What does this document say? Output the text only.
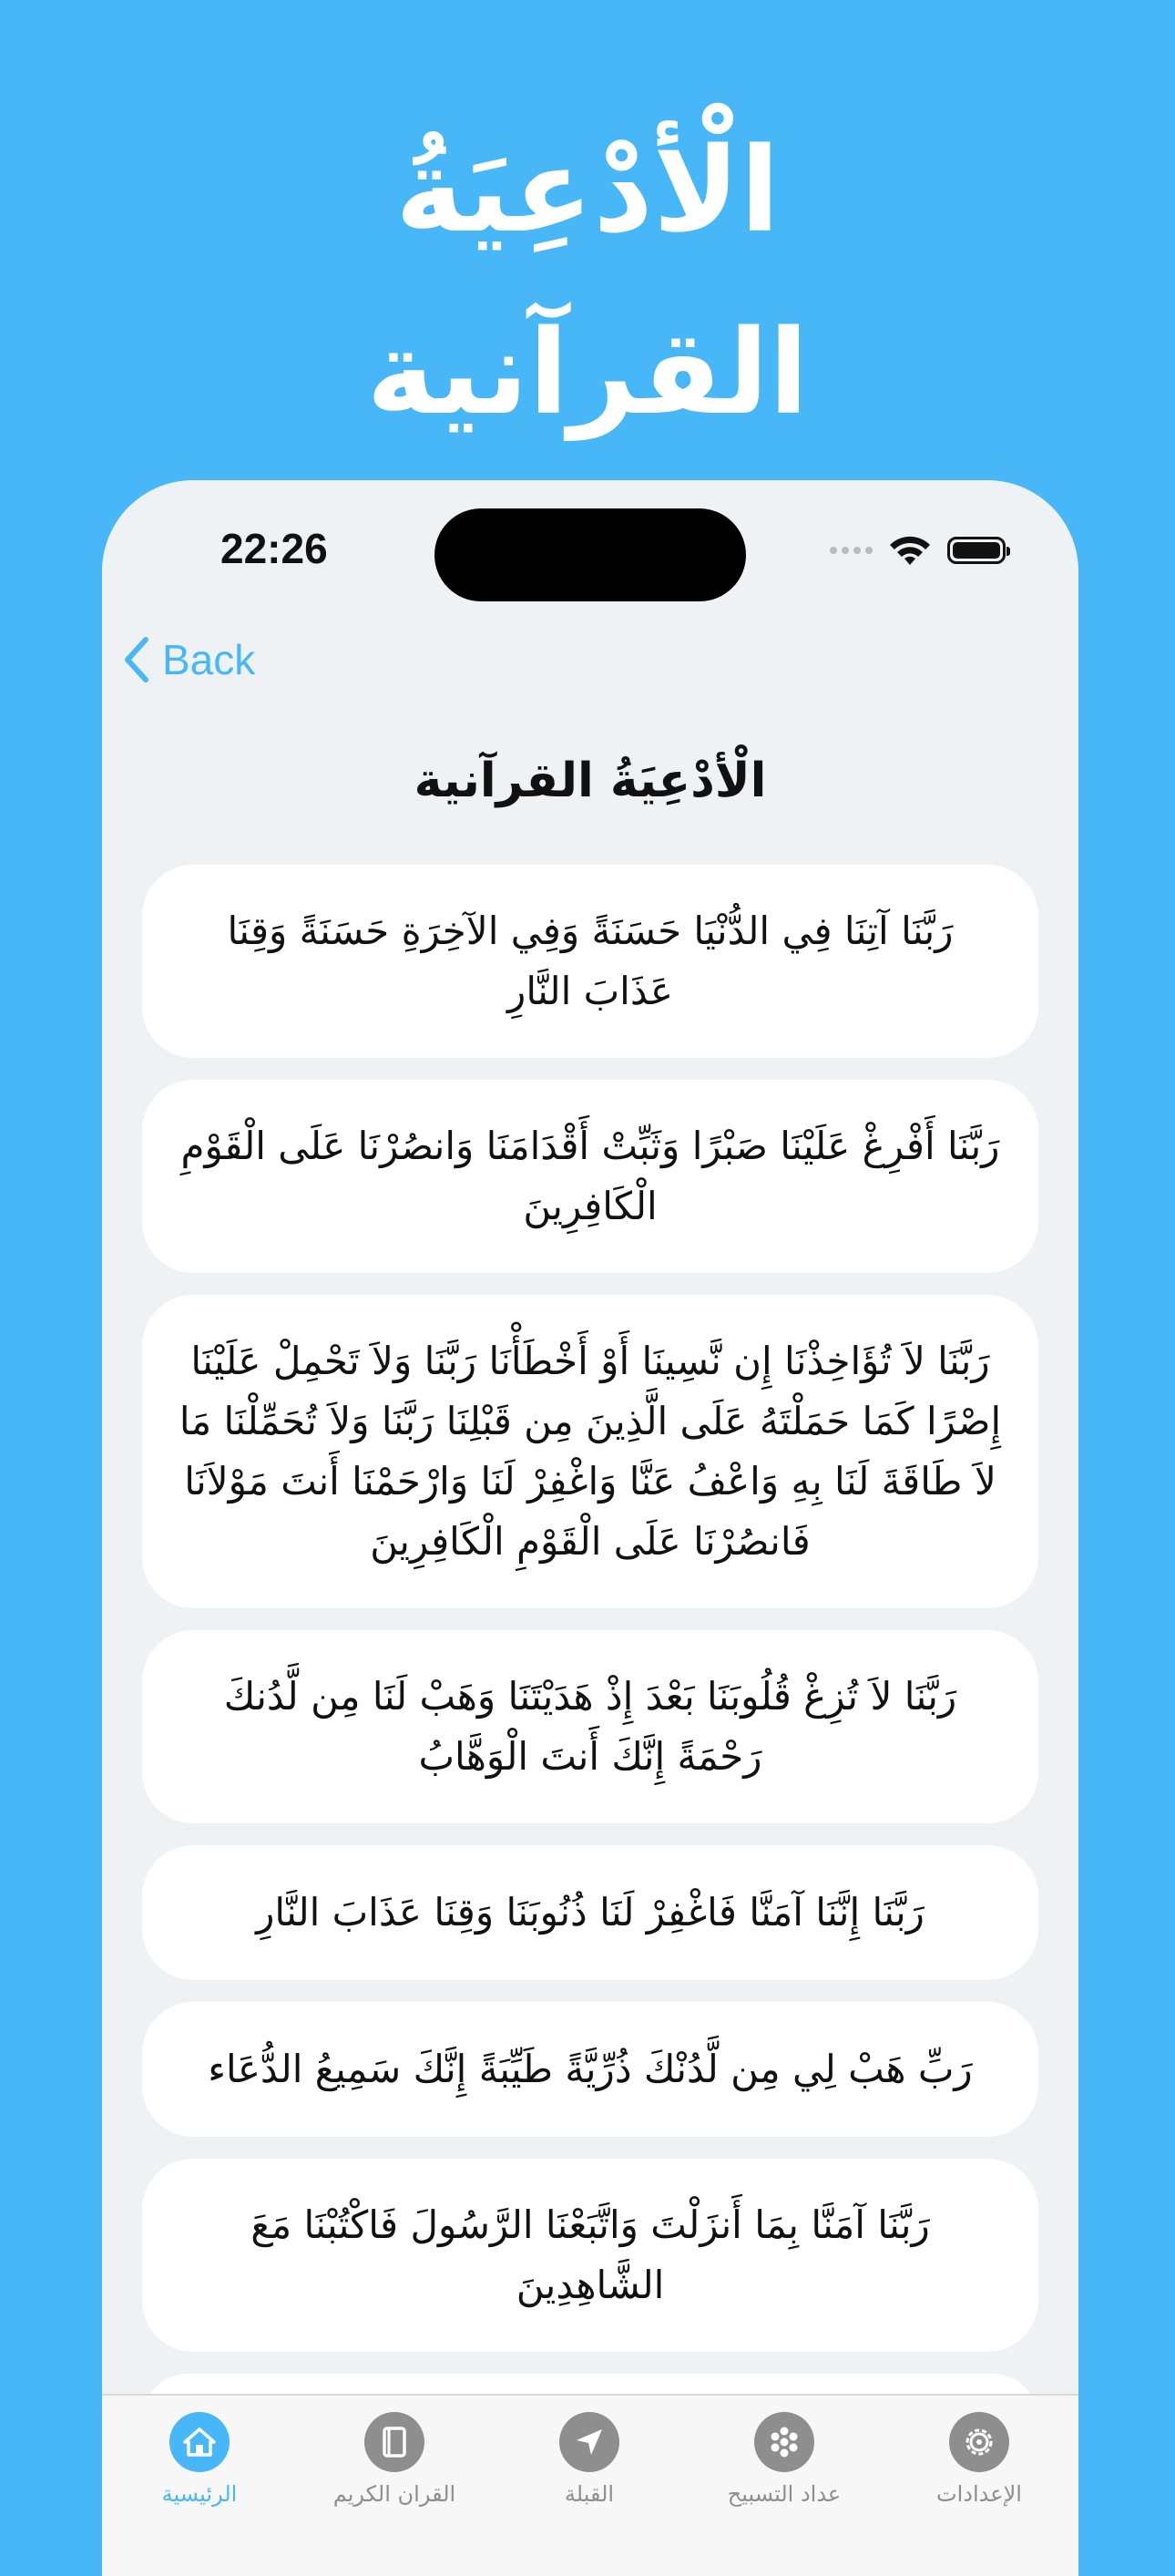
الْأدْعِيَةُ
القرآنية
22:26
Back
الْأدْعِيَةُ القرآنية
رَبَّنَا آتِنَا فِي الدُّنْيَا حَسَنَةً وَفِي الآخِرَةِ حَسَنَةً وَقِنَا عَذَابَ النَّارِ
رَبَّنَا أَفْرِغْ عَلَيْنَا صَبْرًا وَثَبِّتْ أَقْدَامَنَا وَانصُرْنَا عَلَى الْقَوْمِ الْكَافِرِينَ
رَبَّنَا لاَ تُؤَاخِذْنَا إِن نَّسِينَا أَوْ أَخْطَأْنَا رَبَّنَا وَلاَ تَحْمِلْ عَلَيْنَا إِصْرًا كَمَا حَمَلْتَهُ عَلَى الَّذِينَ مِن قَبْلِنَا رَبَّنَا وَلاَ تُحَمِّلْنَا مَا لاَ طَاقَةَ لَنَا بِهِ وَاعْفُ عَنَّا وَاغْفِرْ لَنَا وَارْحَمْنَا أَنتَ مَوْلاَنَا فَانصُرْنَا عَلَى الْقَوْمِ الْكَافِرِينَ
رَبَّنَا لاَ تُزِغْ قُلُوبَنَا بَعْدَ إِذْ هَدَيْتَنَا وَهَبْ لَنَا مِن لَّدُنكَ رَحْمَةً إِنَّكَ أَنتَ الْوَهَّابُ
رَبَّنَا إِنَّنَا آمَنَّا فَاغْفِرْ لَنَا ذُنُوبَنَا وَقِنَا عَذَابَ النَّارِ
رَبِّ هَبْ لِي مِن لَّدُنْكَ ذُرِّيَّةً طَيِّبَةً إِنَّكَ سَمِيعُ الدُّعَاء
رَبَّنَا آمَنَّا بِمَا أَنزَلْتَ وَاتَّبَعْنَا الرَّسُولَ فَاكْتُبْنَا مَعَ الشَّاهِدِينَ
الرئيسية	القران الكريم	القبلة	عداد التسبيح	الإعدادات
